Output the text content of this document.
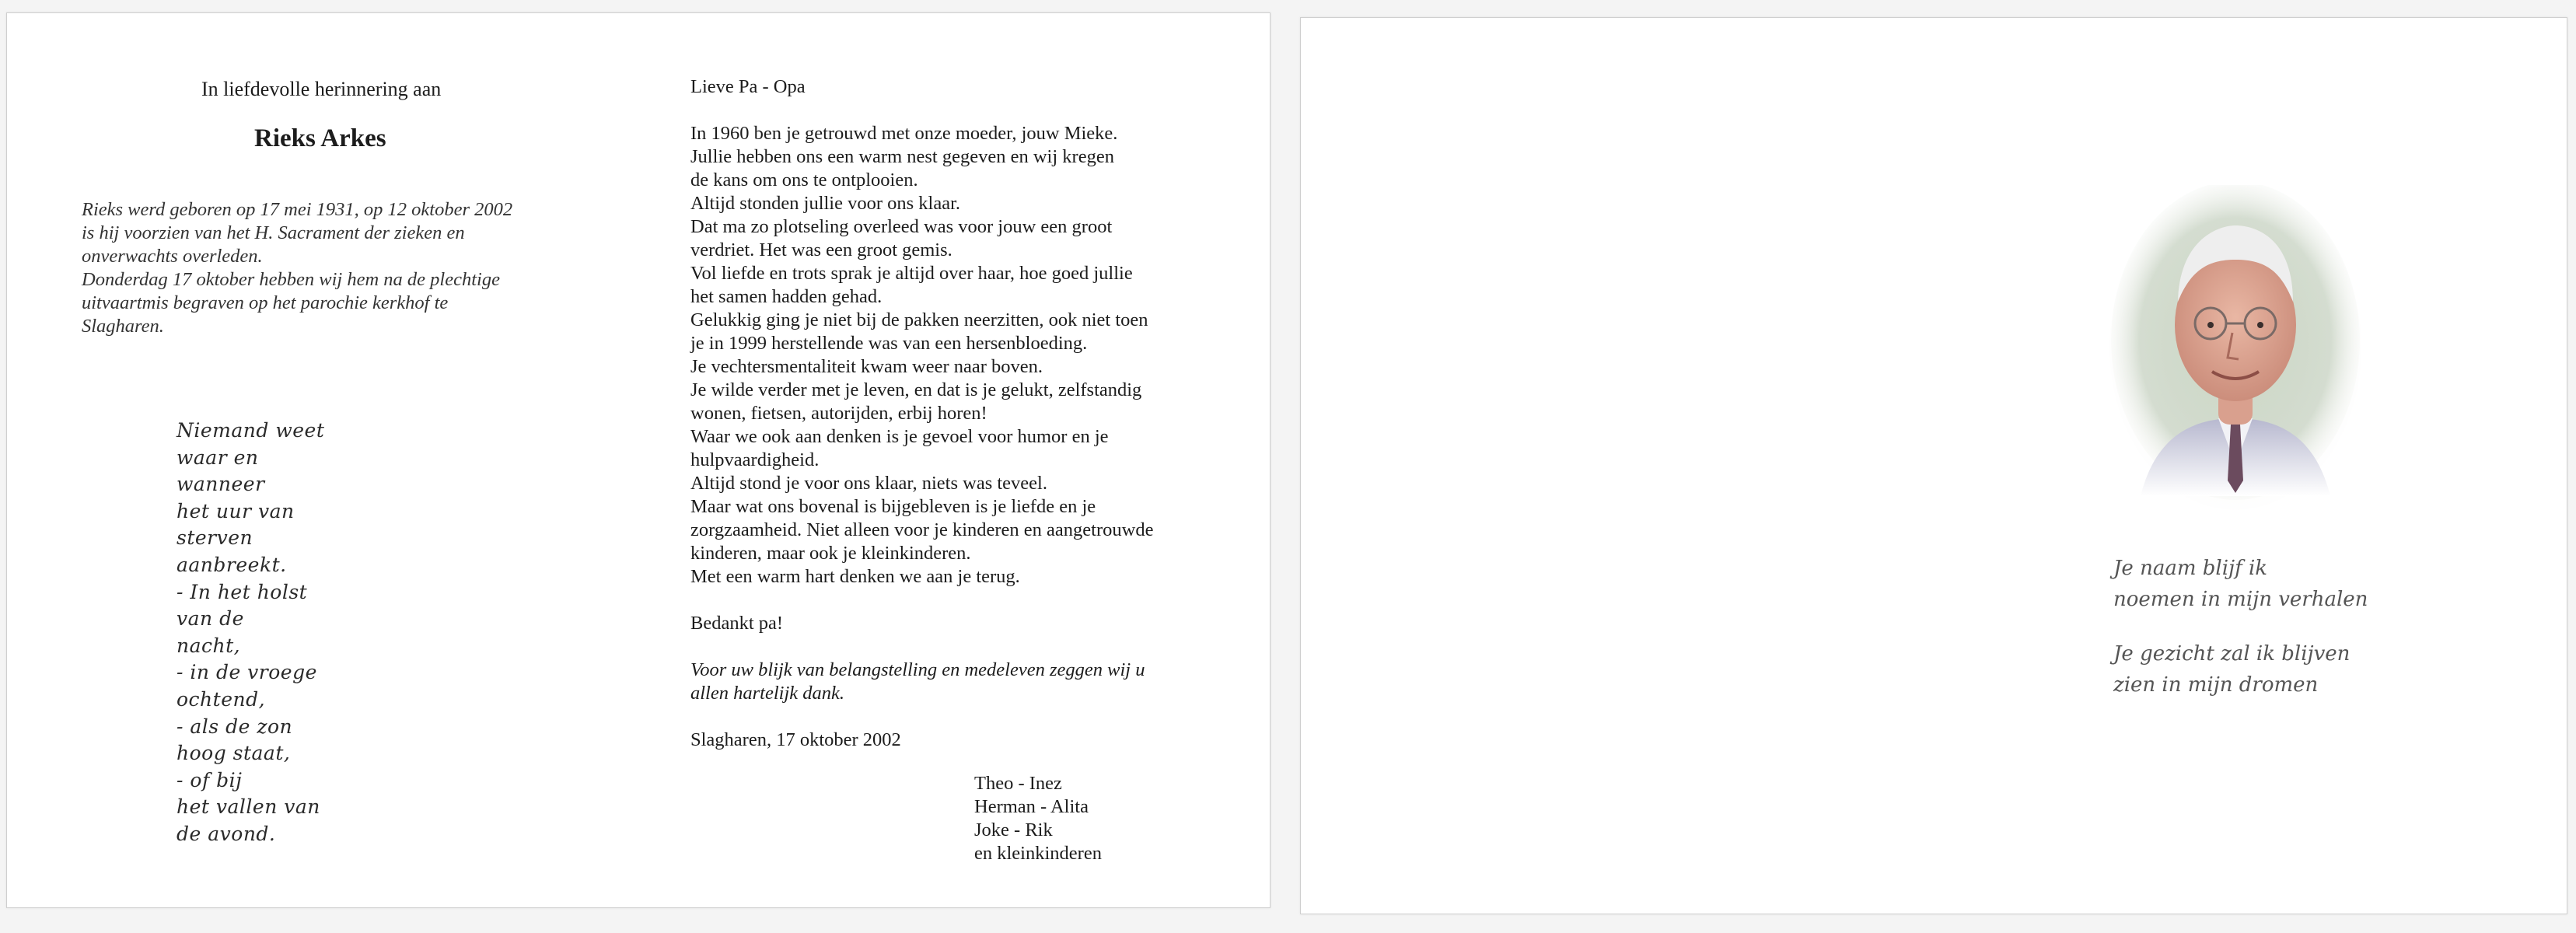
In liefdevolle herinnering aan
Rieks Arkes
Rieks werd geboren op 17 mei 1931, op 12 oktober 2002
is hij voorzien van het H. Sacrament der zieken en
onverwachts overleden.
Donderdag 17 oktober hebben wij hem na de plechtige
uitvaartmis begraven op het parochie kerkhof te
Slagharen.
Niemand weet
waar en
wanneer
het uur van
sterven
aanbreekt.
- In het holst
van de
nacht,
- in de vroege
ochtend,
- als de zon
hoog staat,
- of bij
het vallen van
de avond.
Lieve Pa - Opa
In 1960 ben je getrouwd met onze moeder, jouw Mieke.
Jullie hebben ons een warm nest gegeven en wij kregen
de kans om ons te ontplooien.
Altijd stonden jullie voor ons klaar.
Dat ma zo plotseling overleed was voor jouw een groot
verdriet. Het was een groot gemis.
Vol liefde en trots sprak je altijd over haar, hoe goed jullie
het samen hadden gehad.
Gelukkig ging je niet bij de pakken neerzitten, ook niet toen
je in 1999 herstellende was van een hersenbloeding.
Je vechtersmentaliteit kwam weer naar boven.
Je wilde verder met je leven, en dat is je gelukt, zelfstandig
wonen, fietsen, autorijden, erbij horen!
Waar we ook aan denken is je gevoel voor humor en je
hulpvaardigheid.
Altijd stond je voor ons klaar, niets was teveel.
Maar wat ons bovenal is bijgebleven is je liefde en je
zorgzaamheid. Niet alleen voor je kinderen en aangetrouwde
kinderen, maar ook je kleinkinderen.
Met een warm hart denken we aan je terug.
Bedankt pa!
Voor uw blijk van belangstelling en medeleven zeggen wij u
allen hartelijk dank.
Slagharen, 17 oktober 2002
Theo - Inez
Herman - Alita
Joke - Rik
en kleinkinderen
Je naam blijf ik
noemen in mijn verhalen
Je gezicht zal ik blijven
zien in mijn dromen
